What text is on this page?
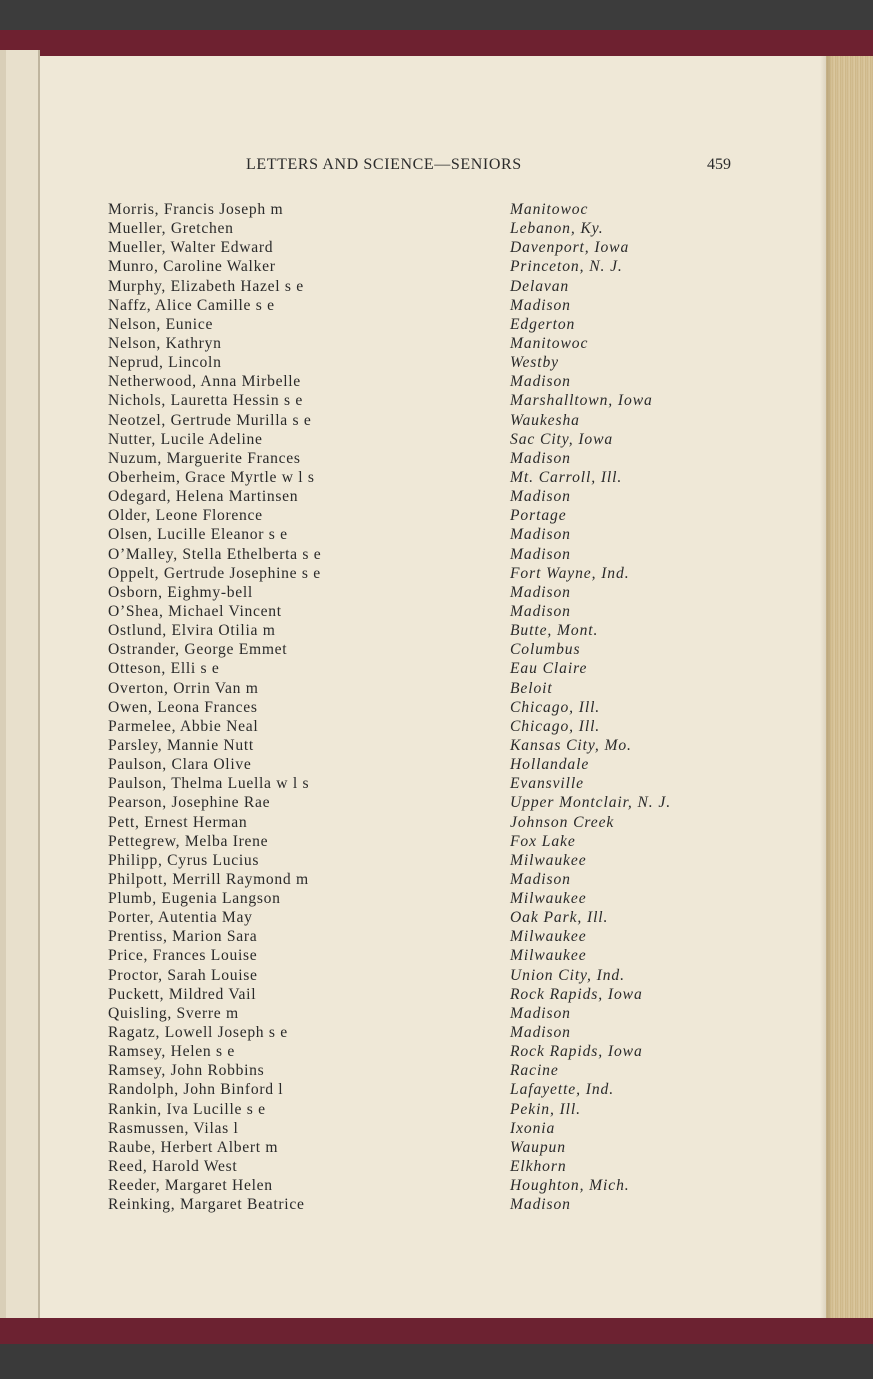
LETTERS AND SCIENCE—SENIORS	459
Morris, Francis Joseph m	Manitowoc
Mueller, Gretchen	Lebanon, Ky.
Mueller, Walter Edward	Davenport, Iowa
Munro, Caroline Walker	Princeton, N. J.
Murphy, Elizabeth Hazel s e	Delavan
Naffz, Alice Camille s e	Madison
Nelson, Eunice	Edgerton
Nelson, Kathryn	Manitowoc
Neprud, Lincoln	Westby
Netherwood, Anna Mirbelle	Madison
Nichols, Lauretta Hessin s e	Marshalltown, Iowa
Neotzel, Gertrude Murilla s e	Waukesha
Nutter, Lucile Adeline	Sac City, Iowa
Nuzum, Marguerite Frances	Madison
Oberheim, Grace Myrtle w l s	Mt. Carroll, Ill.
Odegard, Helena Martinsen	Madison
Older, Leone Florence	Portage
Olsen, Lucille Eleanor s e	Madison
O’Malley, Stella Ethelberta s e	Madison
Oppelt, Gertrude Josephine s e	Fort Wayne, Ind.
Osborn, Eighmy-bell	Madison
O’Shea, Michael Vincent	Madison
Ostlund, Elvira Otilia m	Butte, Mont.
Ostrander, George Emmet	Columbus
Otteson, Elli s e	Eau Claire
Overton, Orrin Van m	Beloit
Owen, Leona Frances	Chicago, Ill.
Parmelee, Abbie Neal	Chicago, Ill.
Parsley, Mannie Nutt	Kansas City, Mo.
Paulson, Clara Olive	Hollandale
Paulson, Thelma Luella w l s	Evansville
Pearson, Josephine Rae	Upper Montclair, N. J.
Pett, Ernest Herman	Johnson Creek
Pettegrew, Melba Irene	Fox Lake
Philipp, Cyrus Lucius	Milwaukee
Philpott, Merrill Raymond m	Madison
Plumb, Eugenia Langson	Milwaukee
Porter, Autentia May	Oak Park, Ill.
Prentiss, Marion Sara	Milwaukee
Price, Frances Louise	Milwaukee
Proctor, Sarah Louise	Union City, Ind.
Puckett, Mildred Vail	Rock Rapids, Iowa
Quisling, Sverre m	Madison
Ragatz, Lowell Joseph s e	Madison
Ramsey, Helen s e	Rock Rapids, Iowa
Ramsey, John Robbins	Racine
Randolph, John Binford l	Lafayette, Ind.
Rankin, Iva Lucille s e	Pekin, Ill.
Rasmussen, Vilas l	Ixonia
Raube, Herbert Albert m	Waupun
Reed, Harold West	Elkhorn
Reeder, Margaret Helen	Houghton, Mich.
Reinking, Margaret Beatrice	Madison
